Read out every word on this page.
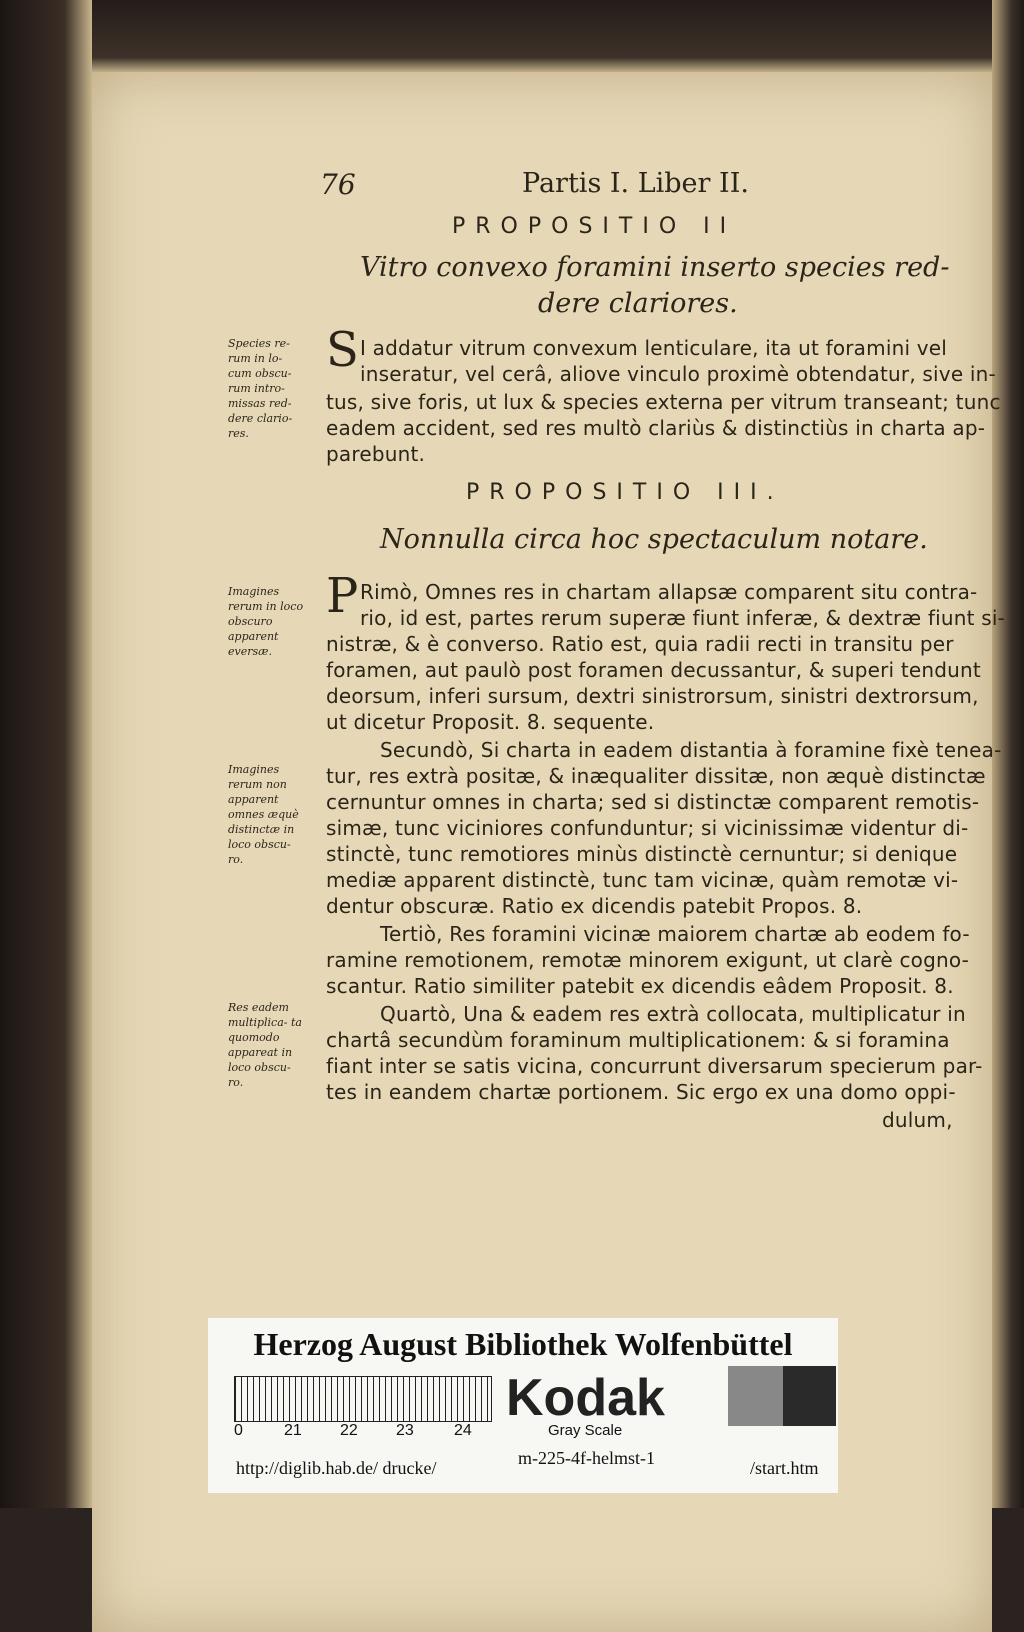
76	Partis I. Liber II.
PROPOSITIO II
Vitro convexo foramini inserto species red-
dere clariores.
Species re- rum in lo- cum obscu- rum intro- missas red- dere clario- res.
S I addatur vitrum convexum lenticulare, ita ut foramini vel
inseratur, vel cerâ, aliove vinculo proximè obtendatur, sive in-
tus, sive foris, ut lux & species externa per vitrum transeant; tunc
eadem accident, sed res multò clariùs & distinctiùs in charta ap-
parebunt.
PROPOSITIO III.
Nonnulla circa hoc spectaculum notare.
Imagines rerum in loco obscuro apparent eversæ.
Imagines rerum non apparent omnes æquè distinctæ in loco obscu- ro.
Res eadem multiplica- ta quomodo appareat in loco obscu- ro.
P Rimò, Omnes res in chartam allapsæ comparent situ contra-
rio, id est, partes rerum superæ fiunt inferæ, & dextræ fiunt si-
nistræ, & è converso. Ratio est, quia radii recti in transitu per
foramen, aut paulò post foramen decussantur, & superi tendunt
deorsum, inferi sursum, dextri sinistrorsum, sinistri dextrorsum,
ut dicetur Proposit. 8. sequente.
Secundò, Si charta in eadem distantia à foramine fixè tenea-
tur, res extrà positæ, & inæqualiter dissitæ, non æquè distinctæ
cernuntur omnes in charta; sed si distinctæ comparent remotis-
simæ, tunc viciniores confunduntur; si vicinissimæ videntur di-
stinctè, tunc remotiores minùs distinctè cernuntur; si denique
mediæ apparent distinctè, tunc tam vicinæ, quàm remotæ vi-
dentur obscuræ. Ratio ex dicendis patebit Propos. 8.
Tertiò, Res foramini vicinæ maiorem chartæ ab eodem fo-
ramine remotionem, remotæ minorem exigunt, ut clarè cogno-
scantur. Ratio similiter patebit ex dicendis eâdem Proposit. 8.
Quartò, Una & eadem res extrà collocata, multiplicatur in
chartâ secundùm foraminum multiplicationem: & si foramina
fiant inter se satis vicina, concurrunt diversarum specierum par-
tes in eandem chartæ portionem. Sic ergo ex una domo oppi-
dulum,
Herzog August Bibliothek Wolfenbüttel
0	21 22 23	24
Kodak
Gray Scale
http://diglib.hab.de/ drucke/	m-225-4f-helmst-1	/start.htm
